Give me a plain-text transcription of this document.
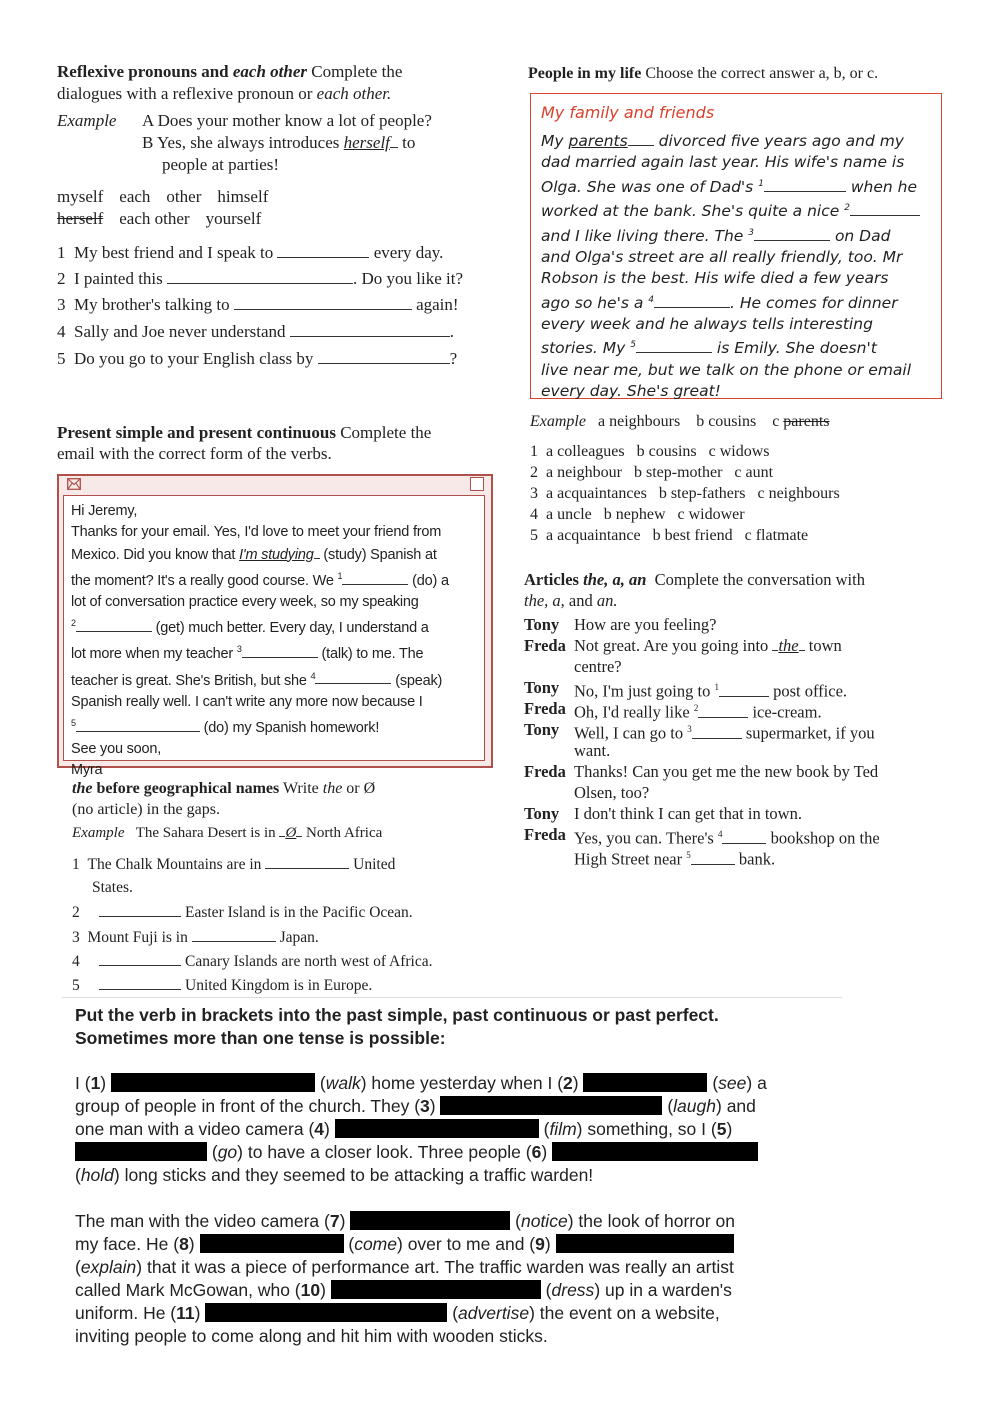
Reflexive pronouns and each other Complete the
dialogues with a reflexive pronoun or each other.
Example A Does your mother know a lot of people?
B Yes, she always introduces herself to
people at parties!
myself each other himself
herself each other yourself
1 My best friend and I speak to	every day.
2 I painted this	. Do you like it?
3 My brother's talking to	again!
4 Sally and Joe never understand	.
5 Do you go to your English class by	?
People in my life Choose the correct answer a, b, or c.
My family and friends
My parents divorced five years ago and my
dad married again last year. His wife's name is
Olga. She was one of Dad's $^1$	when he
worked at the bank. She's quite a nice $^2$
and I like living there. The $^3$	on Dad
and Olga's street are all really friendly, too. Mr
Robson is the best. His wife died a few years
ago so he's a $^4$	. He comes for dinner
every week and he always tells interesting
stories. My $^5$	is Emily. She doesn't
live near me, but we talk on the phone or email
every day. She's great!
Example a neighbours b cousins c parents
1 a colleagues b cousins c widows
2 a neighbour b step-mother c aunt
3 a acquaintances b step-fathers c neighbours
4 a uncle b nephew c widower
5 a acquaintance b best friend c flatmate
Present simple and present continuous Complete the
email with the correct form of the verbs.
Hi Jeremy,
Thanks for your email. Yes, I'd love to meet your friend from
Mexico. Did you know that I'm studying (study) Spanish at
the moment? It's a really good course. We $^1$	(do) a
lot of conversation practice every week, so my speaking
$^2$	(get) much better. Every day, I understand a
lot more when my teacher $^3$	(talk) to me. The
teacher is great. She's British, but she $^4$	(speak)
Spanish really well. I can't write any more now because I
$^5$	(do) my Spanish homework!
See you soon,
Myra
Articles the, a, an  Complete the conversation with
the, a, and an.
Tony How are you feeling?
Freda Not great. Are you going into the town
centre?
Tony No, I'm just going to $^1$	post office.
Freda Oh, I'd really like $^2$	ice-cream.
Tony Well, I can go to $^3$	supermarket, if you
want.
Freda Thanks! Can you get me the new book by Ted
Olsen, too?
Tony I don't think I can get that in town.
Freda Yes, you can. There's $^4$	bookshop on the
High Street near $^5$	bank.
the before geographical names Write the or Ø
(no article) in the gaps.
Example The Sahara Desert is in Ø North Africa
1 The Chalk Mountains are in	United
States.
2	Easter Island is in the Pacific Ocean.
3 Mount Fuji is in	Japan.
4	Canary Islands are north west of Africa.
5	United Kingdom is in Europe.
Put the verb in brackets into the past simple, past continuous or past perfect.
Sometimes more than one tense is possible:
I (1)	(walk) home yesterday when I (2)	(see) a
group of people in front of the church. They (3)	(laugh) and
one man with a video camera (4)	(film) something, so I (5)
(go) to have a closer look. Three people (6)
(hold) long sticks and they seemed to be attacking a traffic warden!
The man with the video camera (7)	(notice) the look of horror on
my face. He (8)	(come) over to me and (9)
(explain) that it was a piece of performance art. The traffic warden was really an artist
called Mark McGowan, who (10)	(dress) up in a warden's
uniform. He (11)	(advertise) the event on a website,
inviting people to come along and hit him with wooden sticks.
